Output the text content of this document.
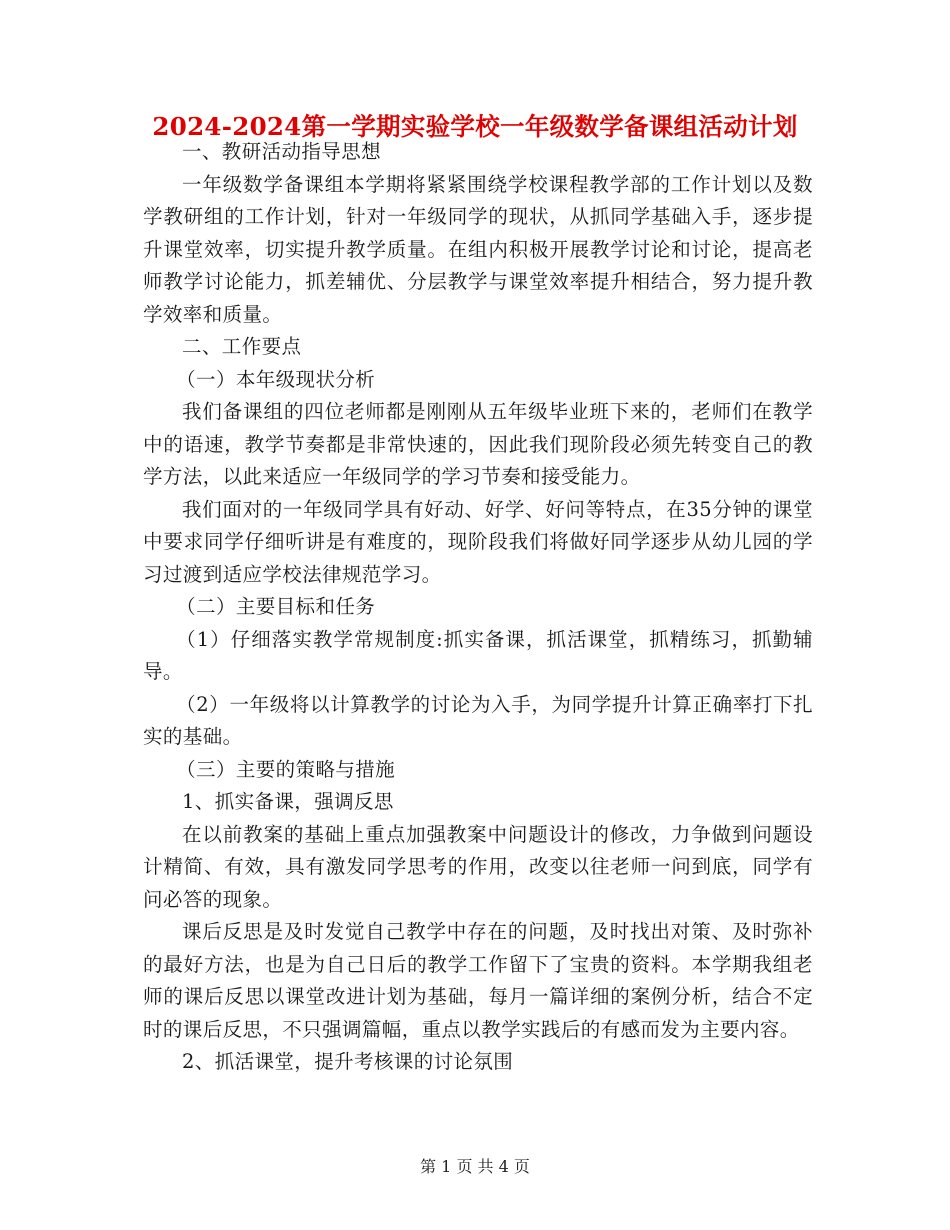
2024-2024第一学期实验学校一年级数学备课组活动计划

一、教研活动指导思想

一年级数学备课组本学期将紧紧围绕学校课程教学部的工作计划以及数学教研组的工作计划，针对一年级同学的现状，从抓同学基础入手，逐步提升课堂效率，切实提升教学质量。在组内积极开展教学讨论和讨论，提高老师教学讨论能力，抓差辅优、分层教学与课堂效率提升相结合，努力提升教学效率和质量。

二、工作要点

（一）本年级现状分析

我们备课组的四位老师都是刚刚从五年级毕业班下来的，老师们在教学中的语速，教学节奏都是非常快速的，因此我们现阶段必须先转变自己的教学方法，以此来适应一年级同学的学习节奏和接受能力。

我们面对的一年级同学具有好动、好学、好问等特点，在35分钟的课堂中要求同学仔细听讲是有难度的，现阶段我们将做好同学逐步从幼儿园的学习过渡到适应学校法律规范学习。

（二）主要目标和任务

（1）仔细落实教学常规制度:抓实备课，抓活课堂，抓精练习，抓勤辅导。

（2）一年级将以计算教学的讨论为入手，为同学提升计算正确率打下扎实的基础。

（三）主要的策略与措施

1、抓实备课，强调反思

在以前教案的基础上重点加强教案中问题设计的修改，力争做到问题设计精简、有效，具有激发同学思考的作用，改变以往老师一问到底，同学有问必答的现象。

课后反思是及时发觉自己教学中存在的问题，及时找出对策、及时弥补的最好方法，也是为自己日后的教学工作留下了宝贵的资料。本学期我组老师的课后反思以课堂改进计划为基础，每月一篇详细的案例分析，结合不定时的课后反思，不只强调篇幅，重点以教学实践后的有感而发为主要内容。

2、抓活课堂，提升考核课的讨论氛围

第 1 页 共 4 页
